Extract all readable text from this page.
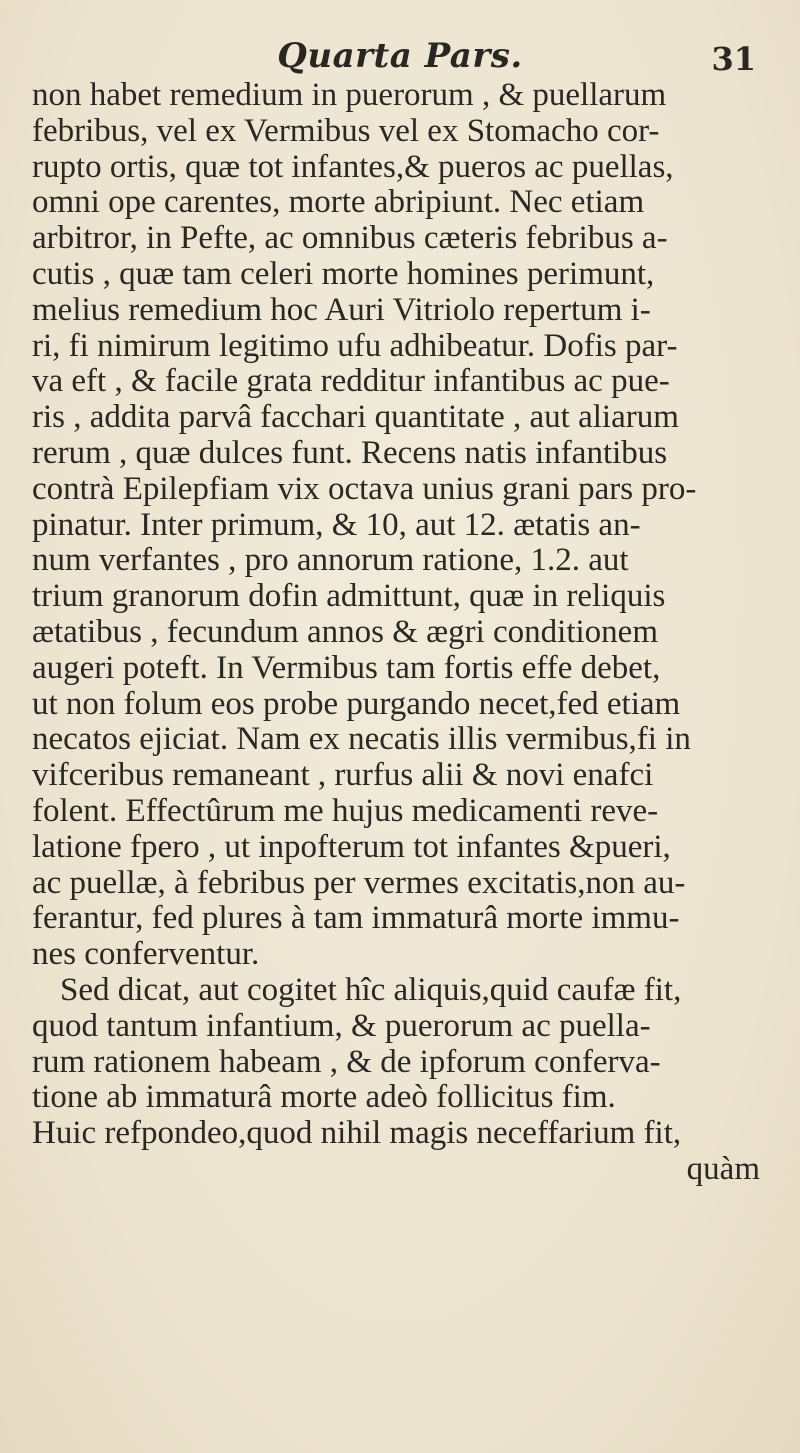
Quarta Pars.	31
non habet remedium in puerorum , & puellarum
febribus, vel ex Vermibus vel ex Stomacho cor-
rupto ortis, quæ tot infantes,& pueros ac puellas,
omni ope carentes, morte abripiunt. Nec etiam
arbitror, in Pefte, ac omnibus cæteris febribus a-
cutis , quæ tam celeri morte homines perimunt,
melius remedium hoc Auri Vitriolo repertum i-
ri, fi nimirum legitimo ufu adhibeatur. Dofis par-
va eft , & facile grata redditur infantibus ac pue-
ris , addita parvâ facchari quantitate , aut aliarum
rerum , quæ dulces funt. Recens natis infantibus
contrà Epilepfiam vix octava unius grani pars pro-
pinatur. Inter primum, & 10, aut 12. ætatis an-
num verfantes , pro annorum ratione, 1.2. aut
trium granorum dofin admittunt, quæ in reliquis
ætatibus , fecundum annos & ægri conditionem
augeri poteft. In Vermibus tam fortis effe debet,
ut non folum eos probe purgando necet,fed etiam
necatos ejiciat. Nam ex necatis illis vermibus,fi in
vifceribus remaneant , rurfus alii & novi enafci
folent. Effectûrum me hujus medicamenti reve-
latione fpero , ut inpofterum tot infantes &pueri,
ac puellæ, à febribus per vermes excitatis,non au-
ferantur, fed plures à tam immaturâ morte immu-
nes conferventur.
Sed dicat, aut cogitet hîc aliquis,quid caufæ fit,
quod tantum infantium, & puerorum ac puella-
rum rationem habeam , & de ipforum conferva-
tione ab immaturâ morte adeò follicitus fim.
Huic refpondeo,quod nihil magis neceffarium fit,
quàm
